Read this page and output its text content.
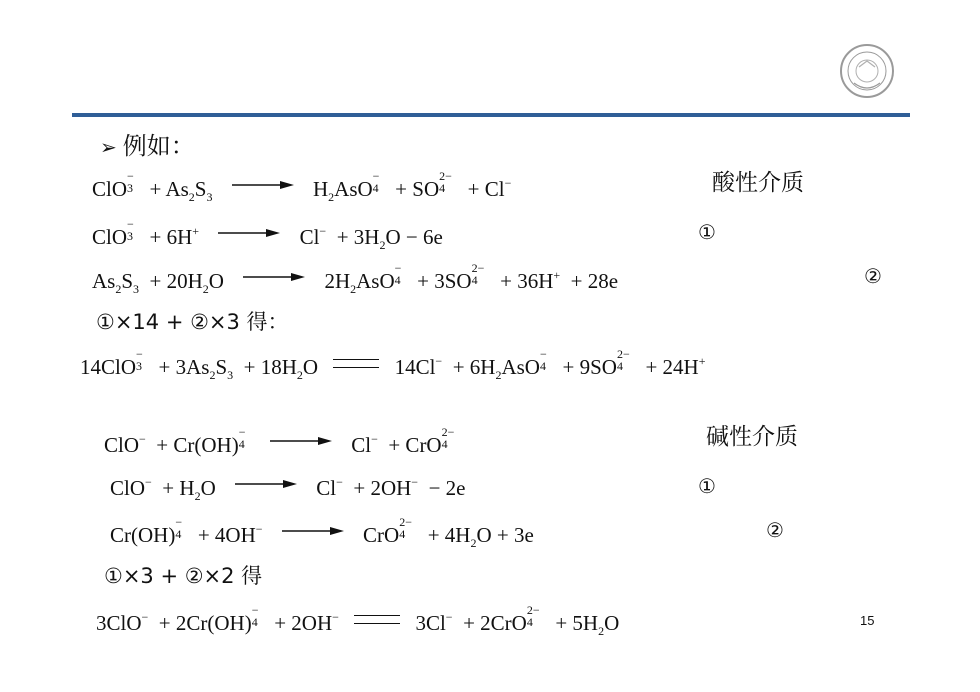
➢ 例如：
ClO
−
$3 + As_2S_3 \to H_2AsO$
−
4 + SO
2−
4 + Cl−	酸性介质
ClO
−
$3 + 6H^+ \to Cl^- + 3H_2O - 6e$	①
$As_2S_3 + 20H_2O \to 2H_2AsO$
−
4 + 3SO
2−
4 + 36H+ + 28e	②
①×14 + ②×3 得：
14ClO
−
$3 + 3As_2S_3 + 18H_2O$	$14Cl^- + 6H_2AsO$
−
4 + 9SO
2−
4 + 24H+
ClO− + Cr(OH)
−
4 → Cl− + CrO
2−
4	碱性介质
$ClO^- + H_2O \to Cl^- + 2OH^- - 2e$	①
Cr(OH)
−
4 + 4OH− → CrO
2−
$4 + 4H_2O + 3e$	②
①×3 + ②×2 得
3ClO− + 2Cr(OH)
−
4 + 2OH−	3Cl− + 2CrO
2−
$4 + 5H_2O$	15
